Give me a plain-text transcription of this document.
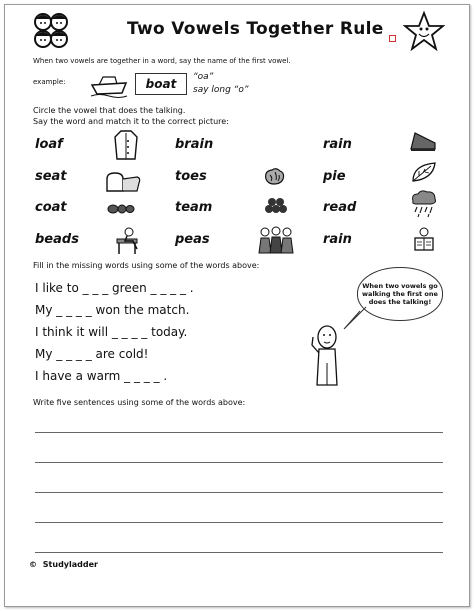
Two Vowels Together Rule
When two vowels are together in a word, say the name of the first vowel.
example:	boat	“oa”
say long “o”
Circle the vowel that does the talking.
Say the word and match it to the correct picture:
loaf
seat
coat
beads
brain
toes
team
peas
rain
pie
read
rain
Fill in the missing words using some of the words above:
I like to _ _ _ green _ _ _ _ .
My _ _ _ _ won the match.
I think it will _ _ _ _ today.
My _ _ _ _ are cold!
I have a warm _ _ _ _ .
When two vowels go walking the first one does the talking!
Write five sentences using some of the words above:
© Studyladder
